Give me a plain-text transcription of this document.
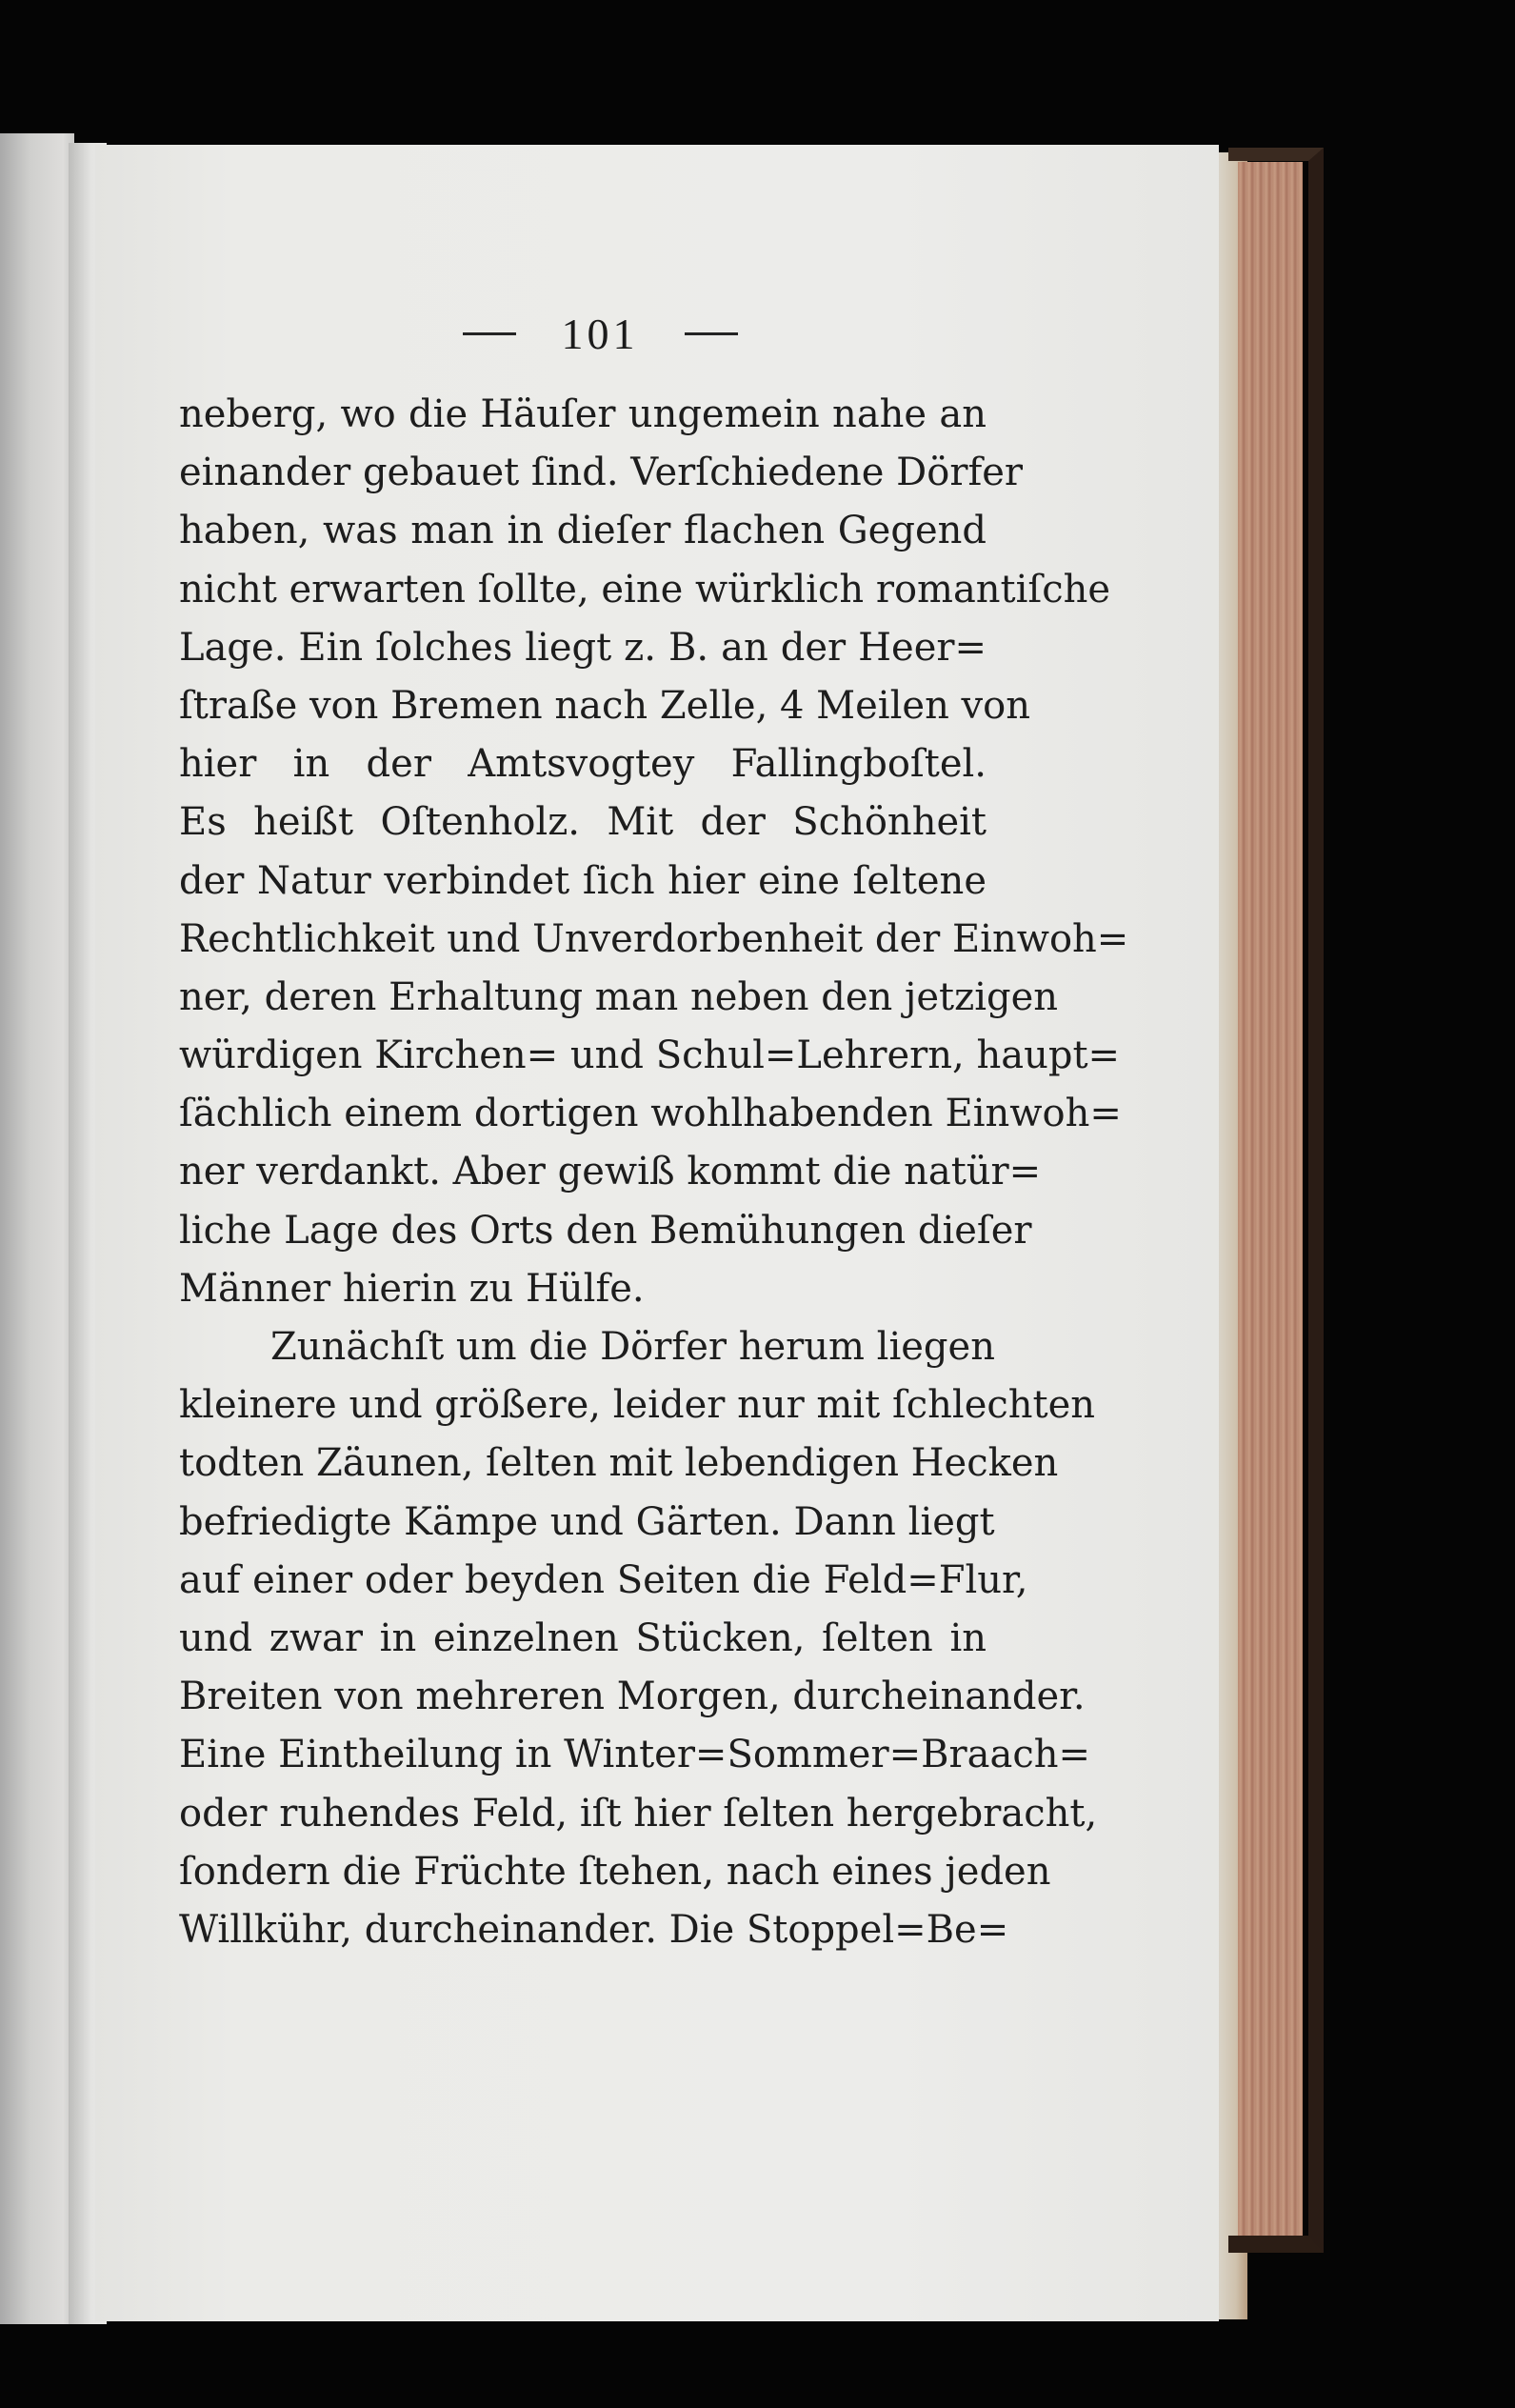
101
neberg, wo die Häuſer ungemein nahe an
einander gebauet ſind. Verſchiedene Dörfer
haben, was man in dieſer flachen Gegend
nicht erwarten ſollte, eine würklich romantiſche
Lage. Ein ſolches liegt z. B. an der Heer=
ſtraße von Bremen nach Zelle, 4 Meilen von
hier in der Amtsvogtey Fallingboſtel.
Es heißt Oſtenholz. Mit der Schönheit
der Natur verbindet ſich hier eine ſeltene
Rechtlichkeit und Unverdorbenheit der Einwoh=
ner, deren Erhaltung man neben den jetzigen
würdigen Kirchen= und Schul=Lehrern, haupt=
ſächlich einem dortigen wohlhabenden Einwoh=
ner verdankt. Aber gewiß kommt die natür=
liche Lage des Orts den Bemühungen dieſer
Männer hierin zu Hülfe.
Zunächſt um die Dörfer herum liegen
kleinere und größere, leider nur mit ſchlechten
todten Zäunen, ſelten mit lebendigen Hecken
befriedigte Kämpe und Gärten. Dann liegt
auf einer oder beyden Seiten die Feld=Flur,
und zwar in einzelnen Stücken, ſelten in
Breiten von mehreren Morgen, durcheinander.
Eine Eintheilung in Winter=Sommer=Braach=
oder ruhendes Feld, iſt hier ſelten hergebracht,
ſondern die Früchte ſtehen, nach eines jeden
Willkühr, durcheinander. Die Stoppel=Be=
